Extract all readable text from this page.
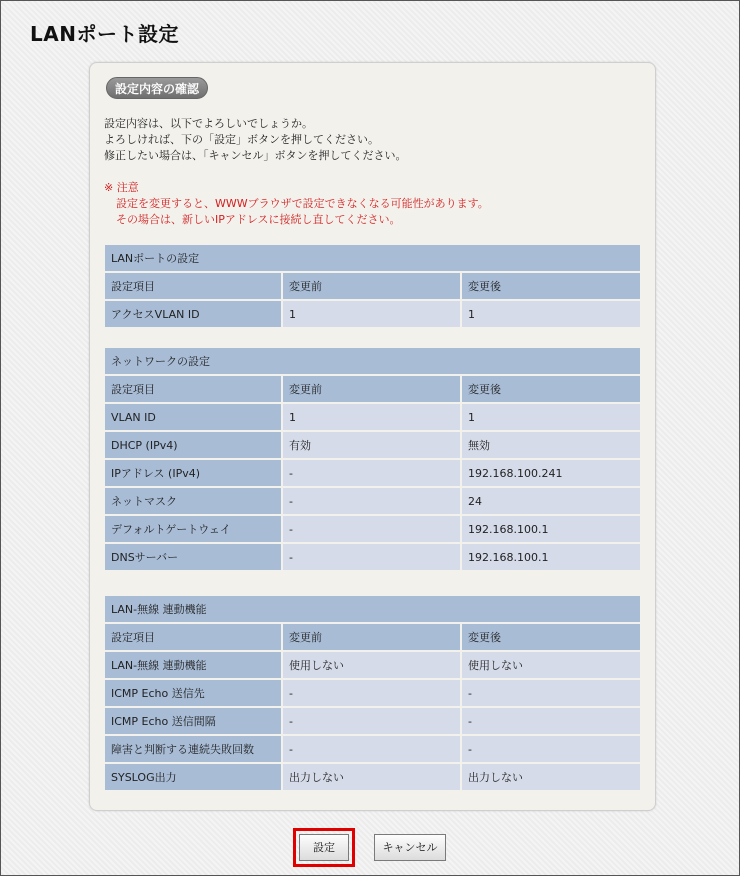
LANポート設定
設定内容の確認
設定内容は、以下でよろしいでしょうか。
よろしければ、下の「設定」ボタンを押してください。
修正したい場合は、「キャンセル」ボタンを押してください。
※ 注意
設定を変更すると、WWWブラウザで設定できなくなる可能性があります。
その場合は、新しいIPアドレスに接続し直してください。
LANポートの設定		
設定項目	変更前	変更後
アクセスVLAN ID	1	1
ネットワークの設定		
設定項目	変更前	変更後
VLAN ID	1	1
DHCP (IPv4)	有効	無効
IPアドレス (IPv4)	-	192.168.100.241
ネットマスク	-	24
デフォルトゲートウェイ	-	192.168.100.1
DNSサーバー	-	192.168.100.1
LAN-無線 連動機能		
設定項目	変更前	変更後
LAN-無線 連動機能	使用しない	使用しない
ICMP Echo 送信先	-	-
ICMP Echo 送信間隔	-	-
障害と判断する連続失敗回数	-	-
SYSLOG出力	出力しない	出力しない
設定	キャンセル
